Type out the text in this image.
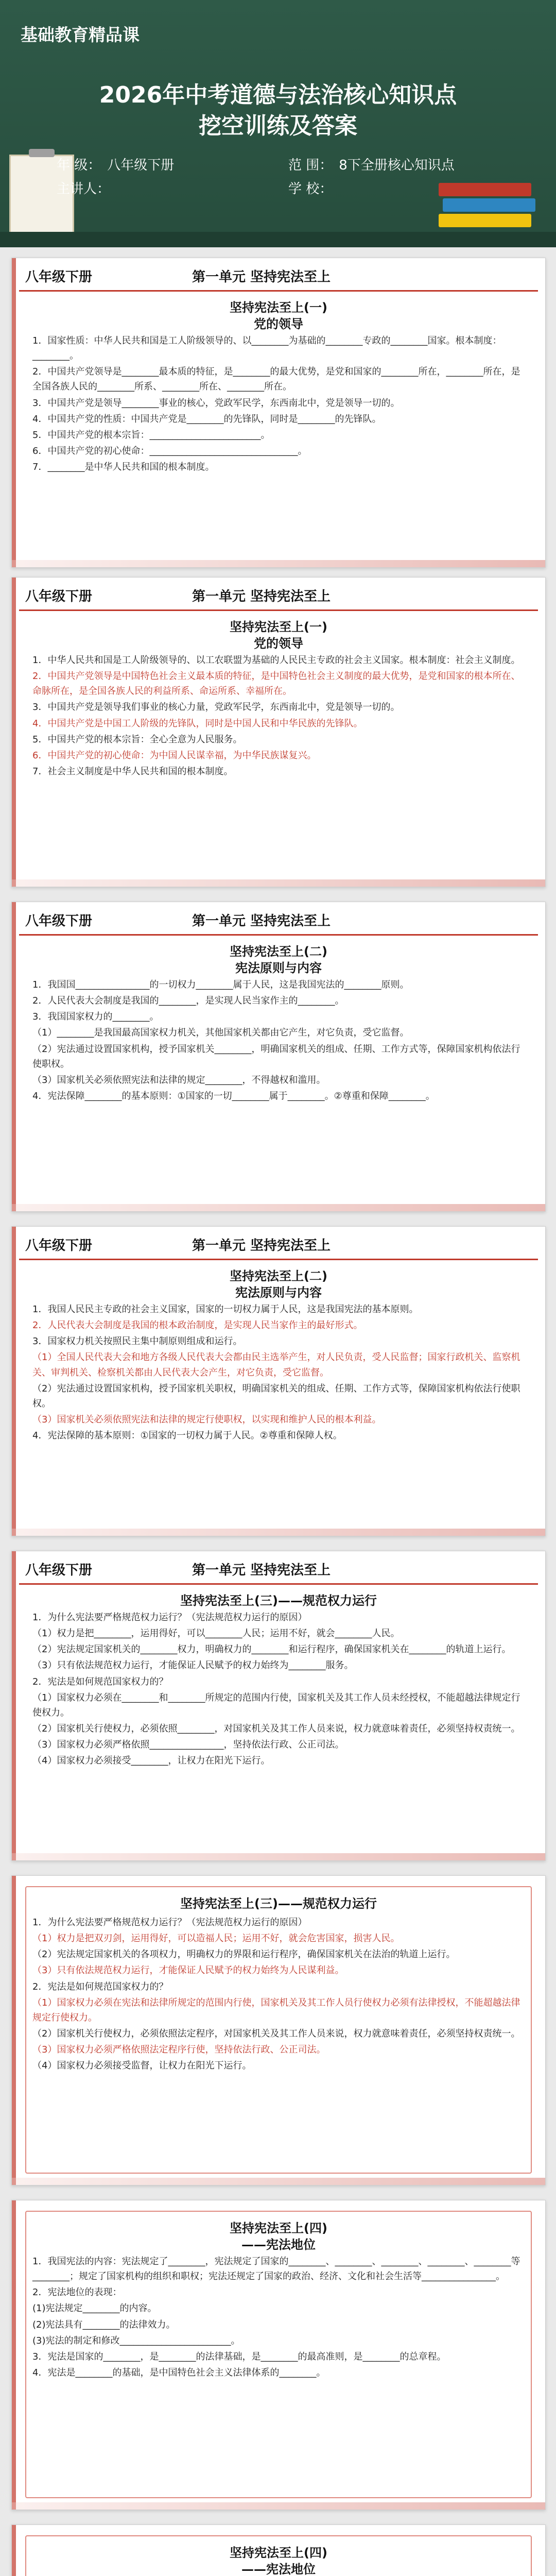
基础教育精品课
2026年中考道德与法治核心知识点
挖空训练及答案
年 级： 八年级下册	范 围： 8下全册核心知识点
主讲人：	学 校：
八年级下册	第一单元 坚持宪法至上
坚持宪法至上(一)
党的领导

1．国家性质：中华人民共和国是工人阶级领导的、以________为基础的________专政的________国家。根本制度：________。

2．中国共产党领导是________最本质的特征，是________的最大优势，是党和国家的________所在，________所在，是全国各族人民的________所系、________所在、________所在。

3．中国共产党是领导________事业的核心，党政军民学，东西南北中，党是领导一切的。

4．中国共产党的性质：中国共产党是________的先锋队，同时是________的先锋队。

5．中国共产党的根本宗旨：________________________。

6．中国共产党的初心使命：________________________________。

7．________是中华人民共和国的根本制度。

八年级下册	第一单元 坚持宪法至上
坚持宪法至上(一)
党的领导

1．中华人民共和国是工人阶级领导的、以工农联盟为基础的人民民主专政的社会主义国家。根本制度：社会主义制度。

2．中国共产党领导是中国特色社会主义最本质的特征，是中国特色社会主义制度的最大优势，是党和国家的根本所在、命脉所在，是全国各族人民的利益所系、命运所系、幸福所在。

3．中国共产党是领导我们事业的核心力量，党政军民学，东西南北中，党是领导一切的。

4．中国共产党是中国工人阶级的先锋队，同时是中国人民和中华民族的先锋队。

5．中国共产党的根本宗旨：全心全意为人民服务。

6．中国共产党的初心使命：为中国人民谋幸福，为中华民族谋复兴。

7．社会主义制度是中华人民共和国的根本制度。

八年级下册	第一单元 坚持宪法至上
坚持宪法至上(二)
宪法原则与内容

1．我国国________________的一切权力________属于人民，这是我国宪法的________原则。

2．人民代表大会制度是我国的________，是实现人民当家作主的________。

3．我国国家权力的________。

（1）________是我国最高国家权力机关，其他国家机关都由它产生，对它负责，受它监督。

（2）宪法通过设置国家机构，授予国家机关________，明确国家机关的组成、任期、工作方式等，保障国家机构依法行使职权。

（3）国家机关必须依照宪法和法律的规定________，不得越权和滥用。

4．宪法保障________的基本原则：①国家的一切________属于________。②尊重和保障________。

八年级下册	第一单元 坚持宪法至上
坚持宪法至上(二)
宪法原则与内容

1．我国人民民主专政的社会主义国家，国家的一切权力属于人民，这是我国宪法的基本原则。

2．人民代表大会制度是我国的根本政治制度，是实现人民当家作主的最好形式。

3．国家权力机关按照民主集中制原则组成和运行。

（1）全国人民代表大会和地方各级人民代表大会都由民主选举产生，对人民负责，受人民监督；国家行政机关、监察机关、审判机关、检察机关都由人民代表大会产生，对它负责，受它监督。

（2）宪法通过设置国家机构，授予国家机关职权，明确国家机关的组成、任期、工作方式等，保障国家机构依法行使职权。

（3）国家机关必须依照宪法和法律的规定行使职权，以实现和维护人民的根本利益。

4．宪法保障的基本原则：①国家的一切权力属于人民。②尊重和保障人权。

八年级下册	第一单元 坚持宪法至上
坚持宪法至上(三)——规范权力运行

1．为什么宪法要严格规范权力运行？（宪法规范权力运行的原因）

（1）权力是把________，运用得好，可以________人民；运用不好，就会________人民。

（2）宪法规定国家机关的________权力，明确权力的________和运行程序，确保国家机关在________的轨道上运行。

（3）只有依法规范权力运行，才能保证人民赋予的权力始终为________服务。

2．宪法是如何规范国家权力的？

（1）国家权力必须在________和________所规定的范围内行使，国家机关及其工作人员未经授权，不能超越法律规定行使权力。

（2）国家机关行使权力，必须依照________，对国家机关及其工作人员来说，权力就意味着责任，必须坚持权责统一。

（3）国家权力必须严格依照________________，坚持依法行政、公正司法。

（4）国家权力必须接受________，让权力在阳光下运行。

坚持宪法至上(三)——规范权力运行

1．为什么宪法要严格规范权力运行？（宪法规范权力运行的原因）

（1）权力是把双刃剑，运用得好，可以造福人民；运用不好，就会危害国家，损害人民。

（2）宪法规定国家机关的各项权力，明确权力的界限和运行程序，确保国家机关在法治的轨道上运行。

（3）只有依法规范权力运行，才能保证人民赋予的权力始终为人民谋利益。

2．宪法是如何规范国家权力的？

（1）国家权力必须在宪法和法律所规定的范围内行使，国家机关及其工作人员行使权力必须有法律授权，不能超越法律规定行使权力。

（2）国家机关行使权力，必须依照法定程序，对国家机关及其工作人员来说，权力就意味着责任，必须坚持权责统一。

（3）国家权力必须严格依照法定程序行使，坚持依法行政、公正司法。

（4）国家权力必须接受监督，让权力在阳光下运行。

坚持宪法至上(四)
——宪法地位

1．我国宪法的内容：宪法规定了________，宪法规定了国家的________、________、________、________、________等________；规定了国家机构的组织和职权；宪法还规定了国家的政治、经济、文化和社会生活等________________。

2．宪法地位的表现：

(1)宪法规定________的内容。

(2)宪法具有________的法律效力。

(3)宪法的制定和修改________________________。

3．宪法是国家的________，是________的法律基础，是________的最高准则，是________的总章程。

4．宪法是________的基础，是中国特色社会主义法律体系的________。

坚持宪法至上(四)
——宪法地位
